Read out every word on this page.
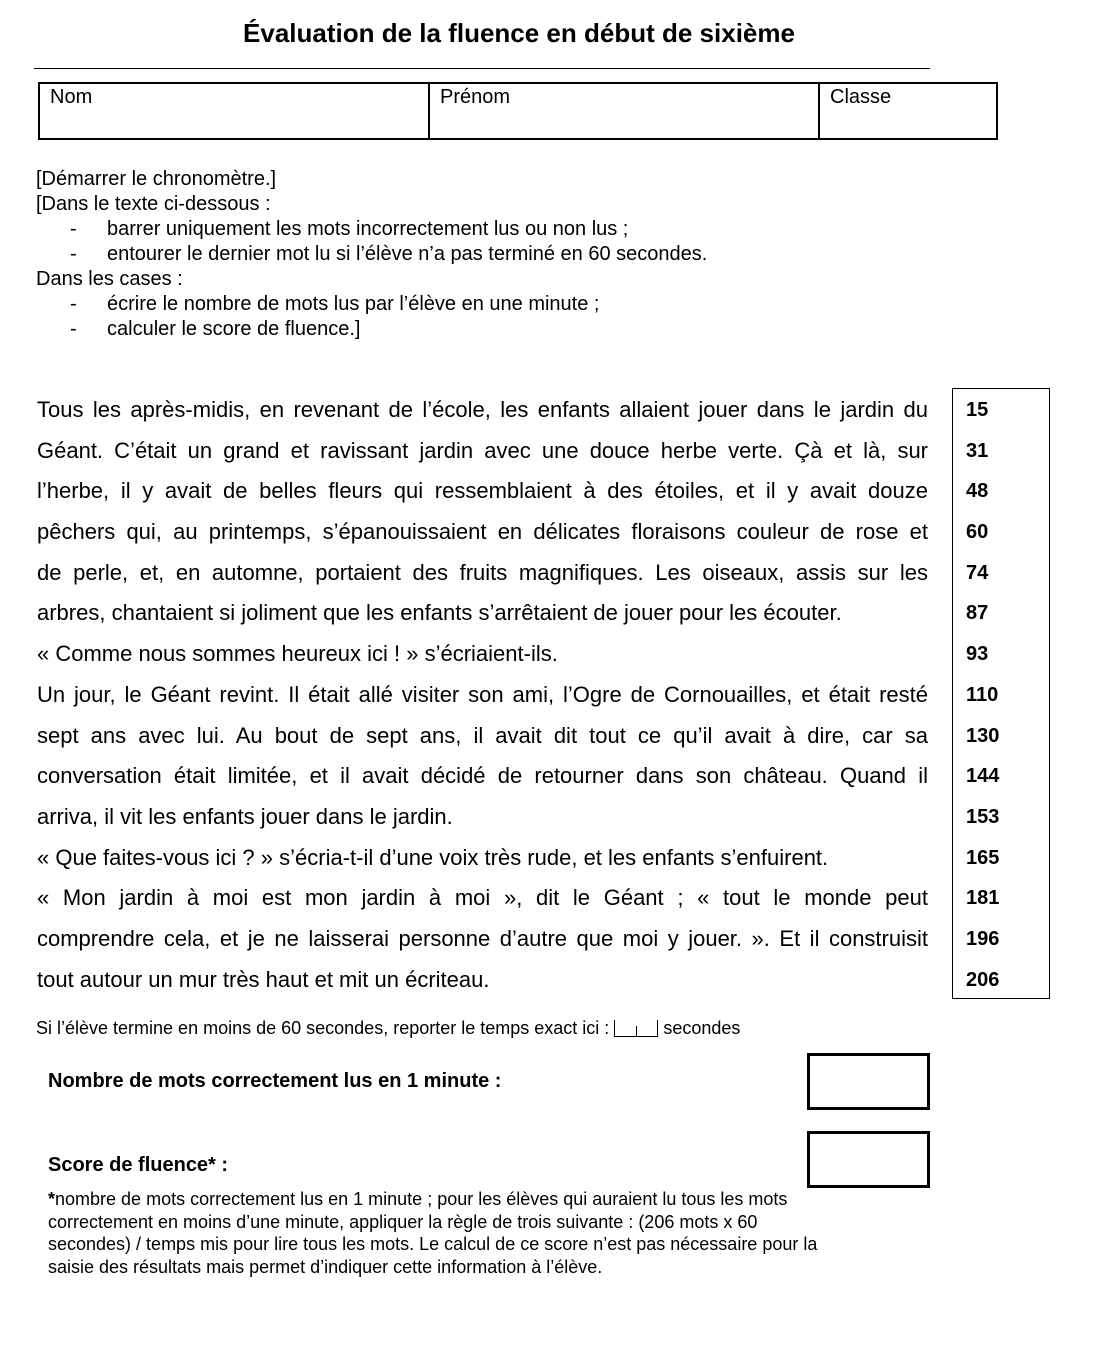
Évaluation de la fluence en début de sixième
Nom	Prénom	Classe
[Démarrer le chronomètre.]
[Dans le texte ci-dessous :
- barrer uniquement les mots incorrectement lus ou non lus ;
- entourer le dernier mot lu si l’élève n’a pas terminé en 60 secondes.
Dans les cases :
- écrire le nombre de mots lus par l’élève en une minute ;
- calculer le score de fluence.]
Tous les après-midis, en revenant de l’école, les enfants allaient jouer dans le jardin du
Géant. C’était un grand et ravissant jardin avec une douce herbe verte. Çà et là, sur
l’herbe, il y avait de belles fleurs qui ressemblaient à des étoiles, et il y avait douze
pêchers qui, au printemps, s’épanouissaient en délicates floraisons couleur de rose et
de perle, et, en automne, portaient des fruits magnifiques. Les oiseaux, assis sur les
arbres, chantaient si joliment que les enfants s’arrêtaient de jouer pour les écouter.
« Comme nous sommes heureux ici ! » s’écriaient-ils.
Un jour, le Géant revint. Il était allé visiter son ami, l’Ogre de Cornouailles, et était resté
sept ans avec lui. Au bout de sept ans, il avait dit tout ce qu’il avait à dire, car sa
conversation était limitée, et il avait décidé de retourner dans son château. Quand il
arriva, il vit les enfants jouer dans le jardin.
« Que faites-vous ici ? » s’écria-t-il d’une voix très rude, et les enfants s’enfuirent.
« Mon jardin à moi est mon jardin à moi », dit le Géant ; « tout le monde peut
comprendre cela, et je ne laisserai personne d’autre que moi y jouer. ». Et il construisit
tout autour un mur très haut et mit un écriteau.
15
31
48
60
74
87
93
110
130
144
153
165
181
196
206
Si l’élève termine en moins de 60 secondes, reporter le temps exact ici :	secondes
Nombre de mots correctement lus en 1 minute :
Score de fluence* :
*nombre de mots correctement lus en 1 minute ; pour les élèves qui auraient lu tous les mots
correctement en moins d’une minute, appliquer la règle de trois suivante : (206 mots x 60
secondes) / temps mis pour lire tous les mots. Le calcul de ce score n’est pas nécessaire pour la
saisie des résultats mais permet d’indiquer cette information à l’élève.
